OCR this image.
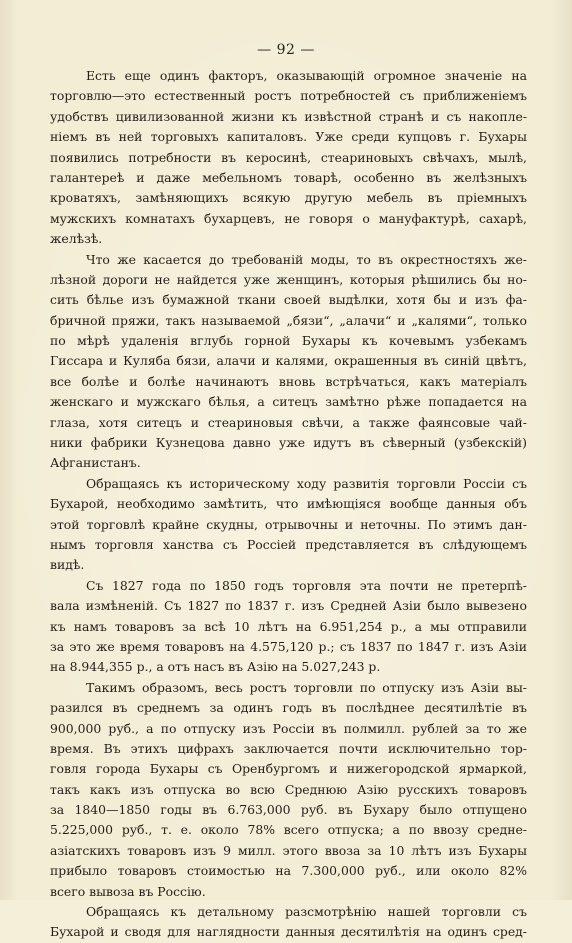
— 92 —
Есть еще одинъ факторъ, оказывающій огромное значеніе на
торговлю—это естественный ростъ потребностей съ приближеніемъ
удобствъ цивилизованной жизни къ извѣстной странѣ и съ накопле-
ніемъ въ ней торговыхъ капиталовъ. Уже среди купцовъ г. Бухары
появились потребности въ керосинѣ, стеариновыхъ свѣчахъ, мылѣ,
галантереѣ и даже мебельномъ товарѣ, особенно въ желѣзныхъ
кроватяхъ, замѣняющихъ всякую другую мебель въ пріемныхъ
мужскихъ комнатахъ бухарцевъ, не говоря о мануфактурѣ, сахарѣ,
желѣзѣ.
Что же касается до требованій моды, то въ окрестностяхъ же-
лѣзной дороги не найдется уже женщинъ, которыя рѣшились бы но-
сить бѣлье изъ бумажной ткани своей выдѣлки, хотя бы и изъ фа-
бричной пряжи, такъ называемой „бязи“, „алачи“ и „калями“, только
по мѣрѣ удаленія вглубь горной Бухары къ кочевымъ узбекамъ
Гиссара и Куляба бязи, алачи и калями, окрашенныя въ синій цвѣтъ,
все болѣе и болѣе начинаютъ вновь встрѣчаться, какъ матеріалъ
женскаго и мужскаго бѣлья, а ситецъ замѣтно рѣже попадается на
глаза, хотя ситецъ и стеариновыя свѣчи, а также фаянсовые чай-
ники фабрики Кузнецова давно уже идутъ въ сѣверный (узбекскій)
Афганистанъ.
Обращаясь къ историческому ходу развитія торговли Россіи съ
Бухарой, необходимо замѣтить, что имѣющіяся вообще данныя объ
этой торговлѣ крайне скудны, отрывочны и неточны. По этимъ дан-
нымъ торговля ханства съ Россіей представляется въ слѣдующемъ
видѣ.
Съ 1827 года по 1850 годъ торговля эта почти не претерпѣ-
вала измѣненій. Съ 1827 по 1837 г. изъ Средней Азіи было вывезено
къ намъ товаровъ за всѣ 10 лѣтъ на 6.951,254 р., а мы отправили
за это же время товаровъ на 4.575,120 р.; съ 1837 по 1847 г. изъ Азіи
на 8.944,355 р., а отъ насъ въ Азію на 5.027,243 р.
Такимъ образомъ, весь ростъ торговли по отпуску изъ Азіи вы-
разился въ среднемъ за одинъ годъ въ послѣднее десятилѣтіе въ
900,000 руб., а по отпуску изъ Россіи въ полмилл. рублей за то же
время. Въ этихъ цифрахъ заключается почти исключительно тор-
говля города Бухары съ Оренбургомъ и нижегородской ярмаркой,
такъ какъ изъ отпуска во всю Среднюю Азію русскихъ товаровъ
за 1840—1850 годы въ 6.763,000 руб. въ Бухару было отпущено
5.225,000 руб., т. е. около 78% всего отпуска; а по ввозу средне-
азіатскихъ товаровъ изъ 9 милл. этого ввоза за 10 лѣтъ изъ Бухары
прибыло товаровъ стоимостью на 7.300,000 руб., или около 82%
всего вывоза въ Россію.
Обращаясь къ детальному разсмотрѣнію нашей торговли съ
Бухарой и сводя для наглядности данныя десятилѣтія на одинъ сред-
